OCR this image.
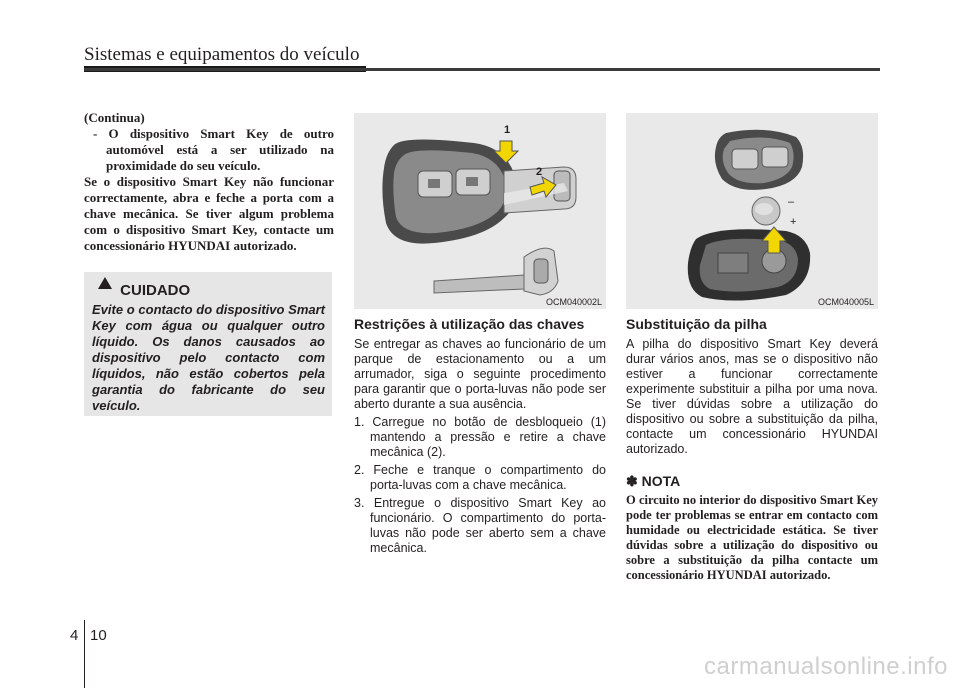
Sistemas e equipamentos do veículo

(Continua)

- O dispositivo Smart Key de outro automóvel está a ser utilizado na proximidade do seu veículo.

Se o dispositivo Smart Key não funcionar correctamente, abra e feche a porta com a chave mecânica. Se tiver algum problema com o dispositivo Smart Key, contacte um concessionário HYUNDAI autorizado.

CUIDADO
Evite o contacto do dispositivo Smart Key com água ou qualquer outro líquido. Os danos causados ao dispositivo pelo contacto com líquidos, não estão cobertos pela garantia do fabricante do seu veículo.
1
2
OCM040002L
–
+
OCM040005L
Restrições à utilização das chaves

Se entregar as chaves ao funcionário de um parque de estacionamento ou a um arrumador, siga o seguinte procedimento para garantir que o porta-luvas não pode ser aberto durante a sua ausência.

1. Carregue no botão de desbloqueio (1) mantendo a pressão e retire a chave mecânica (2).
2. Feche e tranque o compartimento do porta-luvas com a chave mecânica.
3. Entregue o dispositivo Smart Key ao funcionário. O compartimento do porta-luvas não pode ser aberto sem a chave mecânica.
Substituição da pilha

A pilha do dispositivo Smart Key deverá durar vários anos, mas se o dispositivo não estiver a funcionar correctamente experimente substituir a pilha por uma nova. Se tiver dúvidas sobre a utilização do dispositivo ou sobre a substituição da pilha, contacte um concessionário HYUNDAI autorizado.

✽ NOTA
O circuito no interior do dispositivo Smart Key pode ter problemas se entrar em contacto com humidade ou electricidade estática. Se tiver dúvidas sobre a utilização do dispositivo ou sobre a substituição da pilha contacte um concessionário HYUNDAI autorizado.
4 10
carmanualsonline.info
